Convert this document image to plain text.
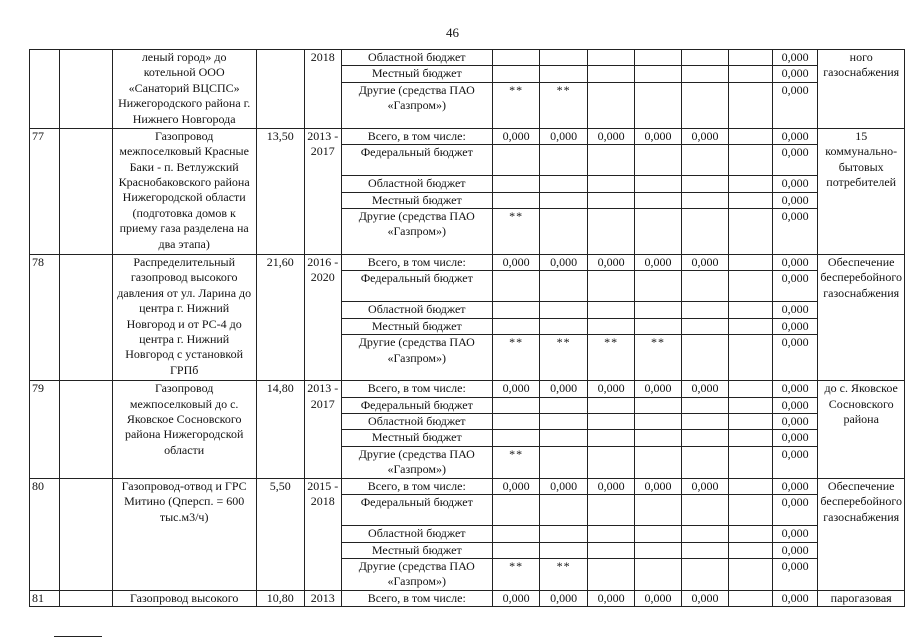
46
		леный город» до котельной ООО «Санаторий ВЦСПС» Нижегородского района г. Нижнего Новгорода		2018	Областной бюджет							0,000	ного газоснабжения
					Местный бюджет							0,000	
					Другие (средства ПАО «Газпром»)	**	**					0,000	
77		Газопровод межпоселковый Красные Баки - п. Ветлужский Краснобаковского района Нижегородской области (подготовка домов к приему газа разделена на два этапа)	13,50	2013 - 2017	Всего, в том числе:	0,000	0,000	0,000	0,000	0,000		0,000	15 коммунально-бытовых потребителей
					Федеральный бюджет							0,000	
					Областной бюджет							0,000	
					Местный бюджет							0,000	
					Другие (средства ПАО «Газпром»)	**						0,000	
78		Распределительный газопровод высокого давления от ул. Ларина до центра г. Нижний Новгород и от РС-4 до центра г. Нижний Новгород с установкой ГРПб	21,60	2016 - 2020	Всего, в том числе:	0,000	0,000	0,000	0,000	0,000		0,000	Обеспечение бесперебойного газоснабжения
					Федеральный бюджет							0,000	
					Областной бюджет							0,000	
					Местный бюджет							0,000	
					Другие (средства ПАО «Газпром»)	**	**	**	**			0,000	
79		Газопровод межпоселковый до с. Яковское Сосновского района Нижегородской области	14,80	2013 - 2017	Всего, в том числе:	0,000	0,000	0,000	0,000	0,000		0,000	до с. Яковское Сосновского района
					Федеральный бюджет							0,000	
					Областной бюджет							0,000	
					Местный бюджет							0,000	
					Другие (средства ПАО «Газпром»)	**						0,000	
80		Газопровод-отвод и ГРС Митино (Qперсп. = 600 тыс.м3/ч)	5,50	2015 - 2018	Всего, в том числе:	0,000	0,000	0,000	0,000	0,000		0,000	Обеспечение бесперебойного газоснабжения
					Федеральный бюджет							0,000	
					Областной бюджет							0,000	
					Местный бюджет							0,000	
					Другие (средства ПАО «Газпром»)	**	**					0,000	
81		Газопровод высокого	10,80	2013	Всего, в том числе:	0,000	0,000	0,000	0,000	0,000		0,000	парогазовая
